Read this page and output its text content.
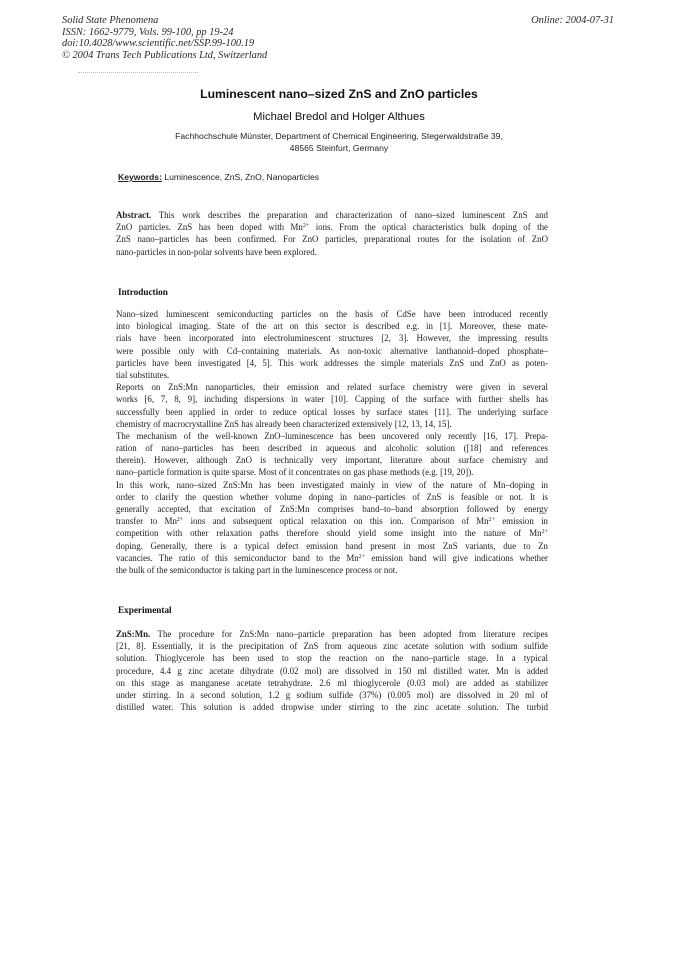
Solid State Phenomena
ISSN: 1662-9779, Vols. 99-100, pp 19-24
doi:10.4028/www.scientific.net/SSP.99-100.19
© 2004 Trans Tech Publications Ltd, Switzerland
Online: 2004-07-31
Luminescent nano–sized ZnS and ZnO particles
Michael Bredol and Holger Althues
Fachhochschule Münster, Department of Chemical Engineering, Stegerwaldstraße 39,
48565 Steinfurt, Germany
Keywords: Luminescence, ZnS, ZnO, Nanoparticles
Abstract. This work describes the preparation and characterization of nano–sized luminescent ZnS and
ZnO particles. ZnS has been doped with $Mn^{2+}$ ions. From the optical characteristics bulk doping of the
ZnS nano–particles has been confirmed. For ZnO particles, preparational routes for the isolation of ZnO
nano-particles in non-polar solvents have been explored.
Introduction
Nano–sized luminescent semiconducting particles on the basis of CdSe have been introduced recently
into biological imaging. State of the art on this sector is described e.g. in [1]. Moreover, these mate-
rials have been incorporated into electroluminescent structures [2, 3]. However, the impressing results
were possible only with Cd–containing materials. As non-toxic alternative lanthanoid–doped phosphate–
particles have been investigated [4, 5]. This work addresses the simple materials ZnS und ZnO as poten-
tial substitutes.
Reports on ZnS:Mn nanoparticles, their emission and related surface chemistry were given in several
works [6, 7, 8, 9], including dispersions in water [10]. Capping of the surface with further shells has
successfully been applied in order to reduce optical losses by surface states [11]. The underlying surface
chemistry of macrocrystalline ZnS has already been characterized extensively [12, 13, 14, 15].
The mechanism of the well-known ZnO–luminescence has been uncovered only recently [16, 17]. Prepa-
ration of nano–particles has been described in aqueous and alcoholic solution ([18] and references
therein). However, although ZnO is technically very important, literature about surface chemistry and
nano–particle formation is quite sparse. Most of it concentrates on gas phase methods (e.g. [19, 20]).
In this work, nano–sized ZnS:Mn has been investigated mainly in view of the nature of Mn–doping in
order to clarify the question whether volume doping in nano–particles of ZnS is feasible or not. It is
generally accepted, that excitation of ZnS:Mn comprises band–to–band absorption followed by energy
transfer to $Mn^{2+}$ ions and subsequent optical relaxation on this ion. Comparison of $Mn^{2+}$ emission in
competition with other relaxation paths therefore should yield some insight into the nature of $Mn^{2+}$
doping. Generally, there is a typical defect emission band present in most ZnS variants, due to Zn
vacancies. The ratio of this semiconductor band to the $Mn^{2+}$ emission band will give indications whether
the bulk of the semiconductor is taking part in the luminescence process or not.
Experimental
ZnS:Mn. The procedure for ZnS:Mn nano–particle preparation has been adopted from literature recipes
[21, 8]. Essentially, it is the precipitation of ZnS from aqueous zinc acetate solution with sodium sulfide
solution. Thioglycerole has been used to stop the reaction on the nano–particle stage. In a typical
procedure, 4.4 g zinc acetate dihydrate (0.02 mol) are dissolved in 150 ml distilled water. Mn is added
on this stage as manganese acetate tetrahydrate. 2.6 ml thioglycerole (0.03 mol) are added as stabilizer
under stirring. In a second solution, 1.2 g sodium sulfide (37%) (0.005 mol) are dissolved in 20 ml of
distilled water. This solution is added dropwise under stirring to the zinc acetate solution. The turbid
